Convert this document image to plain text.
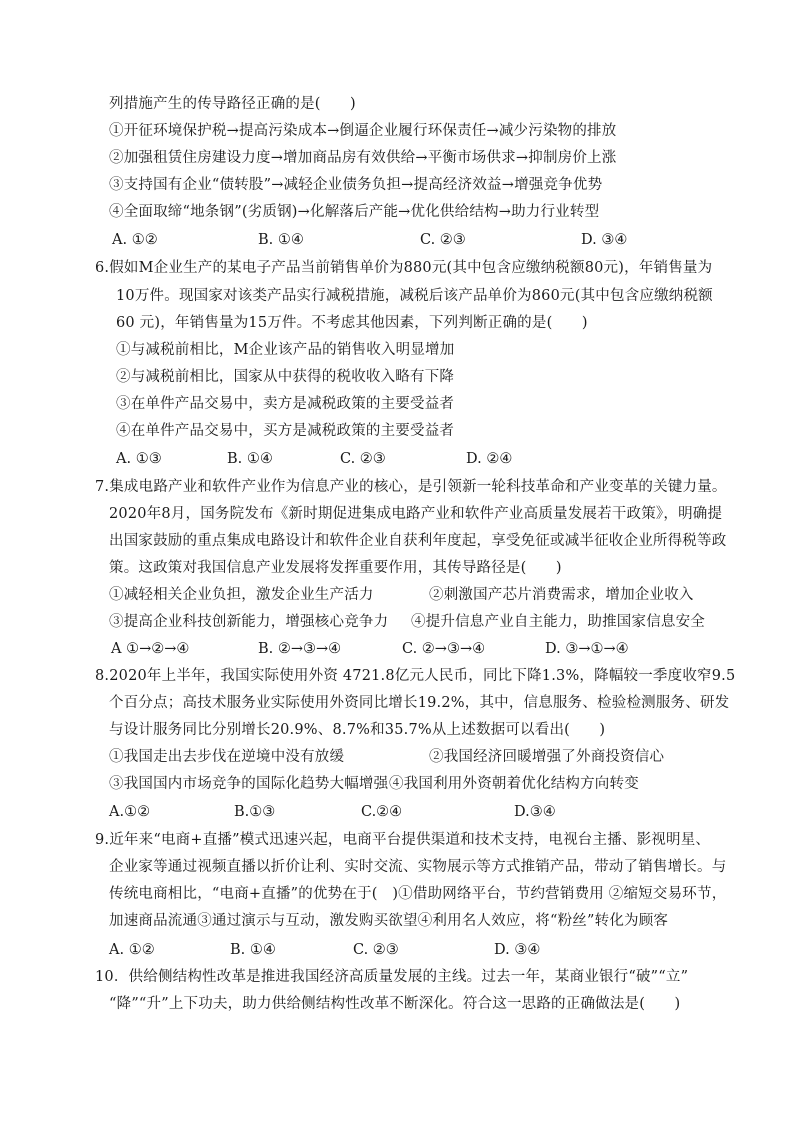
列措施产生的传导路径正确的是(　　)
①开征环境保护税→提高污染成本→倒逼企业履行环保责任→减少污染物的排放
②加强租赁住房建设力度→增加商品房有效供给→平衡市场供求→抑制房价上涨
③支持国有企业“债转股”→减轻企业债务负担→提高经济效益→增强竞争优势
④全面取缔“地条钢”(劣质钢)→化解落后产能→优化供给结构→助力行业转型
A. ①②	B. ①④	C. ②③	D. ③④
6.假如M企业生产的某电子产品当前销售单价为880元(其中包含应缴纳税额80元)，年销售量为
10万件。现国家对该类产品实行减税措施，减税后该产品单价为860元(其中包含应缴纳税额
60 元)，年销售量为15万件。不考虑其他因素，下列判断正确的是(　　)
①与减税前相比，M企业该产品的销售收入明显增加
②与减税前相比，国家从中获得的税收收入略有下降
③在单件产品交易中，卖方是减税政策的主要受益者
④在单件产品交易中，买方是减税政策的主要受益者
A. ①③	B. ①④	C. ②③	D. ②④
7.集成电路产业和软件产业作为信息产业的核心，是引领新一轮科技革命和产业变革的关键力量。
2020年8月，国务院发布《新时期促进集成电路产业和软件产业高质量发展若干政策》，明确提
出国家鼓励的重点集成电路设计和软件企业自获利年度起，享受免征或减半征收企业所得税等政
策。这政策对我国信息产业发展将发挥重要作用，其传导路径是(　　)
①减轻相关企业负担，激发企业生产活力	②刺激国产芯片消费需求，增加企业收入
③提高企业科技创新能力，增强核心竞争力 ④提升信息产业自主能力，助推国家信息安全
A ①→②→④	B. ②→③→④	C. ②→③→④	D. ③→①→④
8.2020年上半年，我国实际使用外资 4721.8亿元人民币，同比下降1.3%，降幅较一季度收窄9.5
个百分点；高技术服务业实际使用外资同比增长19.2%，其中，信息服务、检验检测服务、研发
与设计服务同比分别增长20.9%、8.7%和35.7%从上述数据可以看出(　　)
①我国走出去步伐在逆境中没有放缓	②我国经济回暖增强了外商投资信心
③我国国内市场竞争的国际化趋势大幅增强 ④我国利用外资朝着优化结构方向转变
A.①②	B.①③	C.②④	D.③④
9.近年来“电商+直播”模式迅速兴起，电商平台提供渠道和技术支持，电视台主播、影视明星、
企业家等通过视频直播以折价让利、实时交流、实物展示等方式推销产品，带动了销售增长。与
传统电商相比，“电商+直播”的优势在于(　)①借助网络平台，节约营销费用 ②缩短交易环节，
加速商品流通③通过演示与互动，激发购买欲望④利用名人效应，将“粉丝”转化为顾客
A. ①②	B. ①④	C. ②③	D. ③④
10．供给侧结构性改革是推进我国经济高质量发展的主线。过去一年，某商业银行“破”“立”
“降”“升”上下功夫，助力供给侧结构性改革不断深化。符合这一思路的正确做法是(　　)
